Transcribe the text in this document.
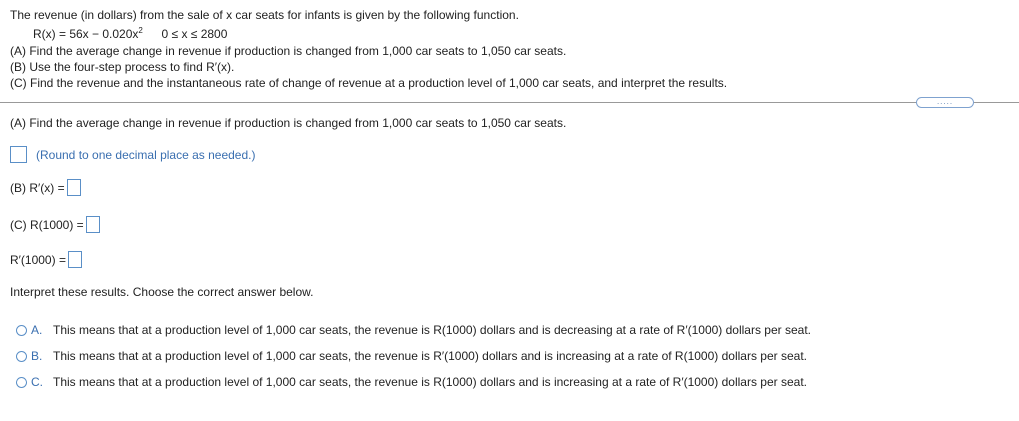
The revenue (in dollars) from the sale of x car seats for infants is given by the following function.
$R(x) = 56x - 0.020x^2$ 0 ≤ x ≤ 2800
(A) Find the average change in revenue if production is changed from 1,000 car seats to 1,050 car seats.
(B) Use the four-step process to find R′(x).
(C) Find the revenue and the instantaneous rate of change of revenue at a production level of 1,000 car seats, and interpret the results.
.....
(A) Find the average change in revenue if production is changed from 1,000 car seats to 1,050 car seats.
(Round to one decimal place as needed.)
(B) R′(x) =
(C) R(1000) =
R′(1000) =
Interpret these results. Choose the correct answer below.
A. This means that at a production level of 1,000 car seats, the revenue is R(1000) dollars and is decreasing at a rate of R′(1000) dollars per seat.
B. This means that at a production level of 1,000 car seats, the revenue is R′(1000) dollars and is increasing at a rate of R(1000) dollars per seat.
C. This means that at a production level of 1,000 car seats, the revenue is R(1000) dollars and is increasing at a rate of R′(1000) dollars per seat.
